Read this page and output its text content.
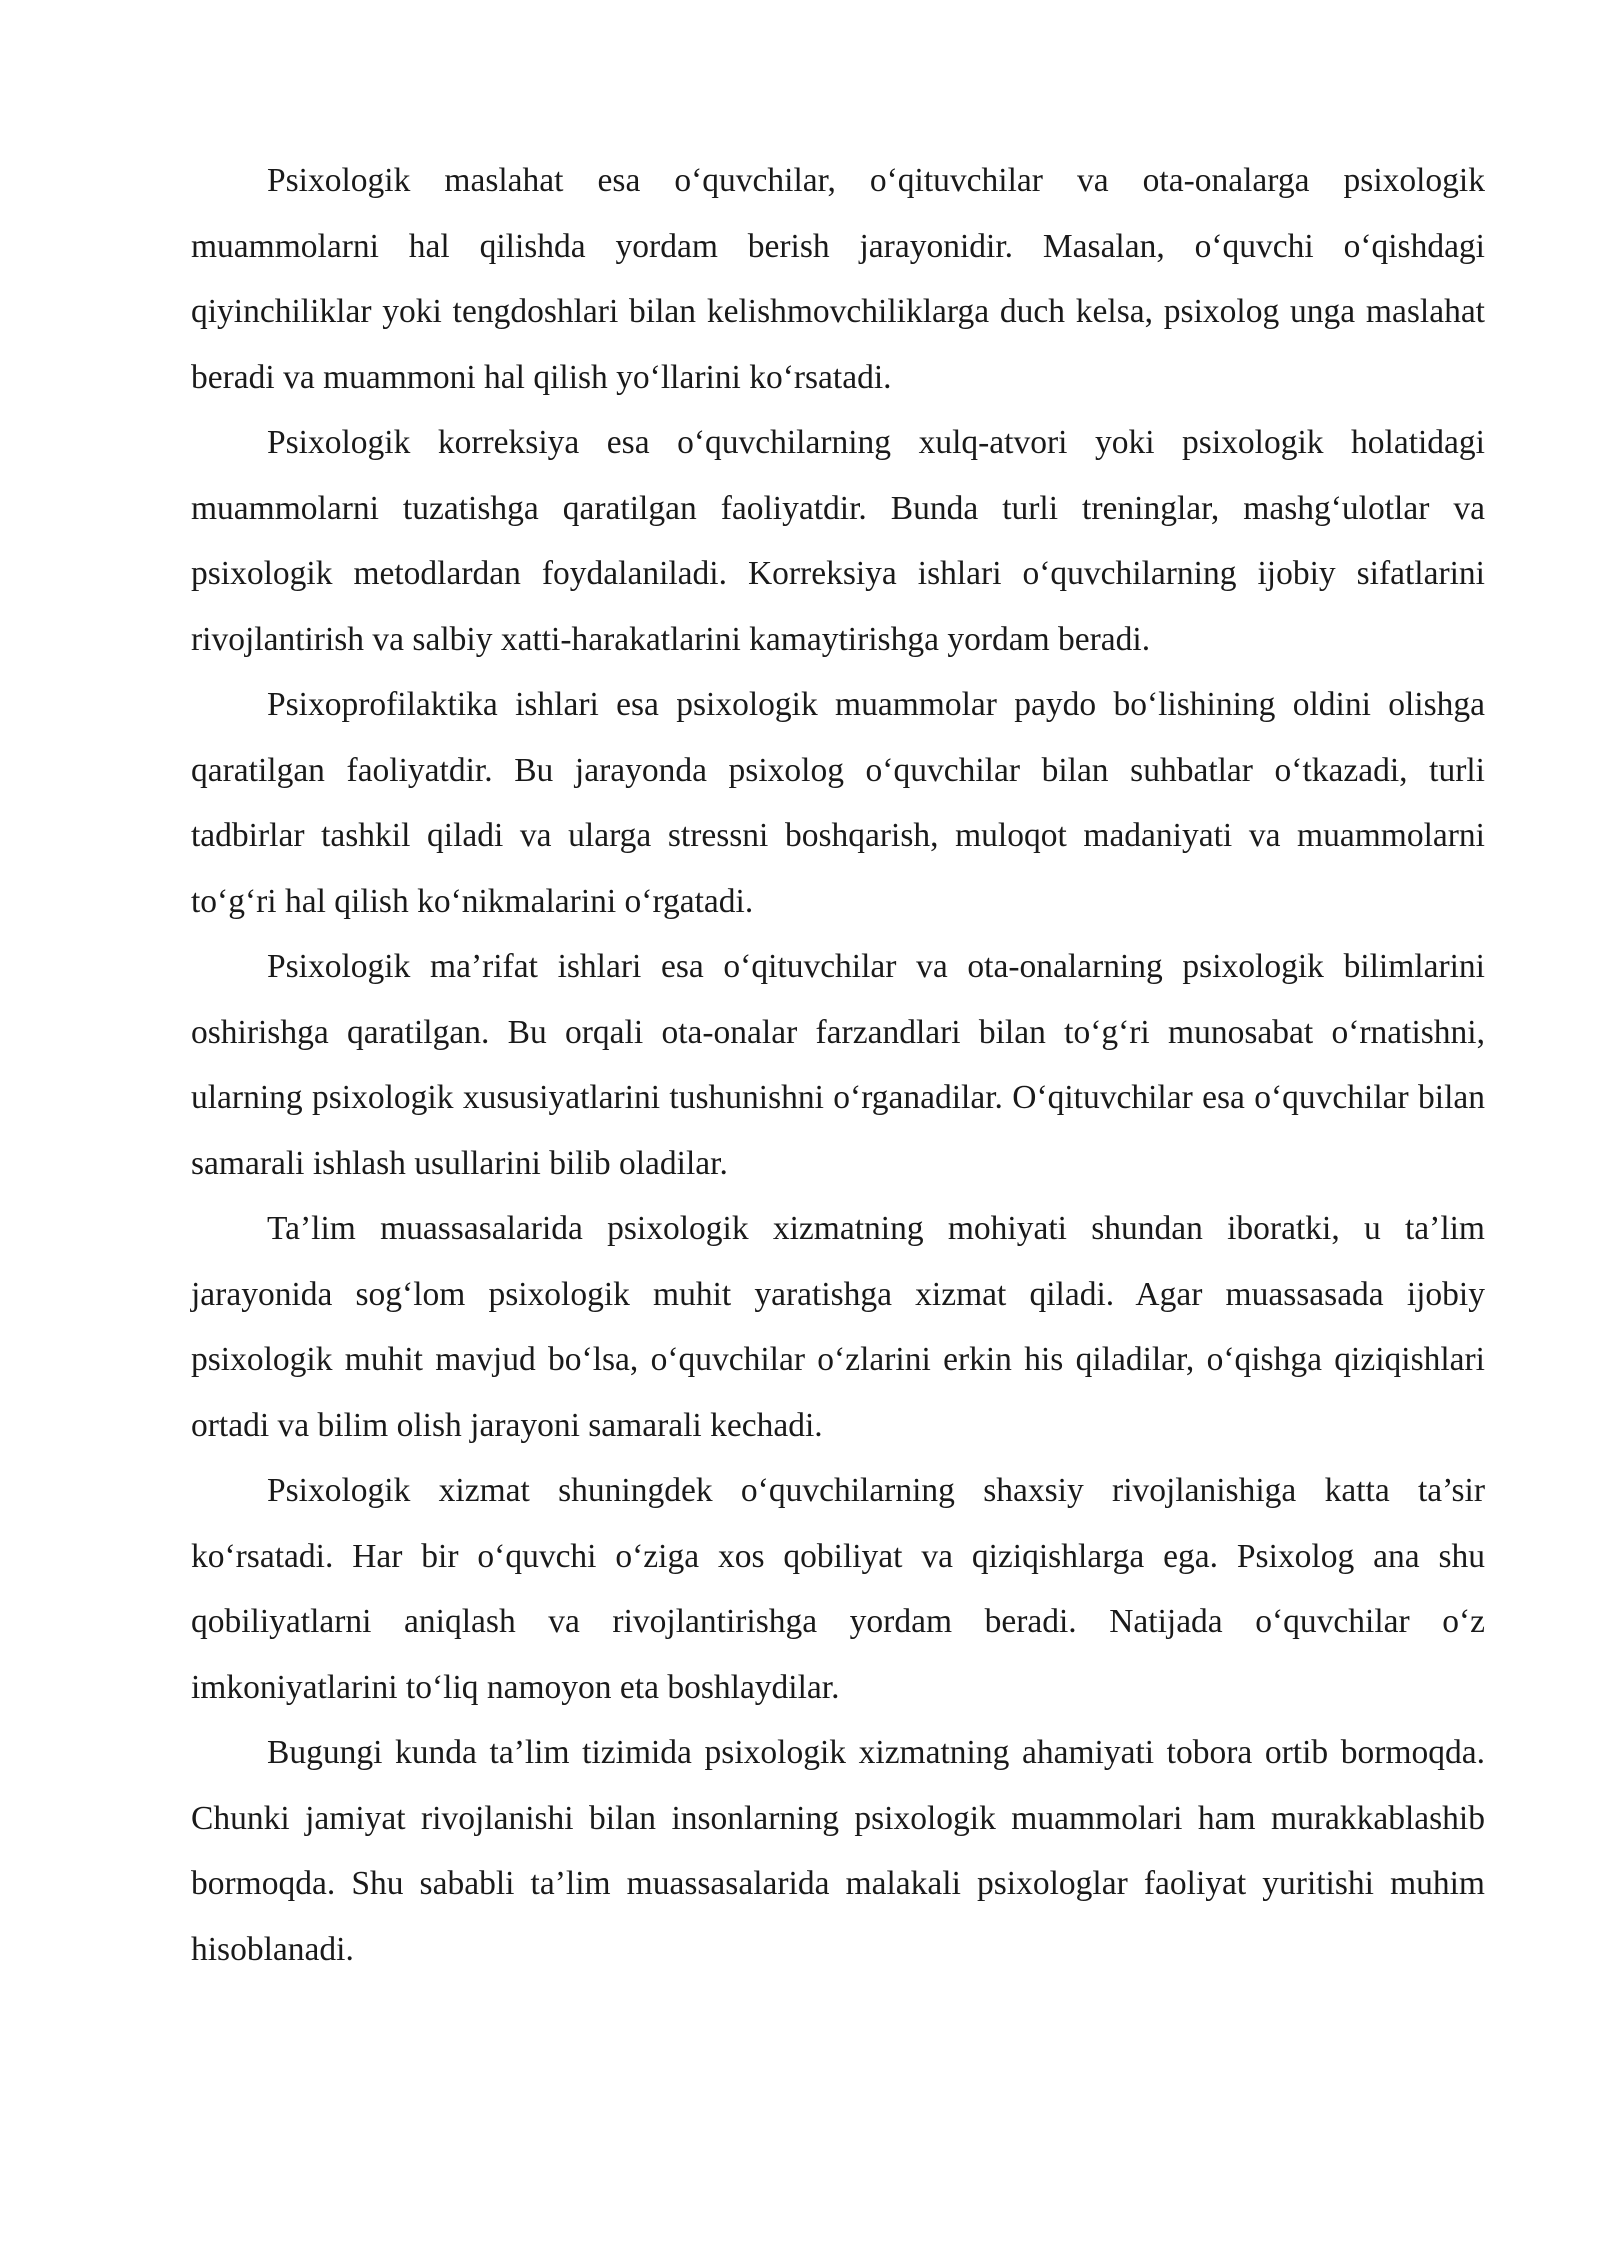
Psixologik maslahat esa o‘quvchilar, o‘qituvchilar va ota-onalarga psixologik muammolarni hal qilishda yordam berish jarayonidir. Masalan, o‘quvchi o‘qishdagi qiyinchiliklar yoki tengdoshlari bilan kelishmovchiliklarga duch kelsa, psixolog unga maslahat beradi va muammoni hal qilish yo‘llarini ko‘rsatadi.

Psixologik korreksiya esa o‘quvchilarning xulq-atvori yoki psixologik holatidagi muammolarni tuzatishga qaratilgan faoliyatdir. Bunda turli treninglar, mashg‘ulotlar va psixologik metodlardan foydalaniladi. Korreksiya ishlari o‘quvchilarning ijobiy sifatlarini rivojlantirish va salbiy xatti-harakatlarini kamaytirishga yordam beradi.

Psixoprofilaktika ishlari esa psixologik muammolar paydo bo‘lishining oldini olishga qaratilgan faoliyatdir. Bu jarayonda psixolog o‘quvchilar bilan suhbatlar o‘tkazadi, turli tadbirlar tashkil qiladi va ularga stressni boshqarish, muloqot madaniyati va muammolarni to‘g‘ri hal qilish ko‘nikmalarini o‘rgatadi.

Psixologik ma’rifat ishlari esa o‘qituvchilar va ota-onalarning psixologik bilimlarini oshirishga qaratilgan. Bu orqali ota-onalar farzandlari bilan to‘g‘ri munosabat o‘rnatishni, ularning psixologik xususiyatlarini tushunishni o‘rganadilar. O‘qituvchilar esa o‘quvchilar bilan samarali ishlash usullarini bilib oladilar.

Ta’lim muassasalarida psixologik xizmatning mohiyati shundan iboratki, u ta’lim jarayonida sog‘lom psixologik muhit yaratishga xizmat qiladi. Agar muassasada ijobiy psixologik muhit mavjud bo‘lsa, o‘quvchilar o‘zlarini erkin his qiladilar, o‘qishga qiziqishlari ortadi va bilim olish jarayoni samarali kechadi.

Psixologik xizmat shuningdek o‘quvchilarning shaxsiy rivojlanishiga katta ta’sir ko‘rsatadi. Har bir o‘quvchi o‘ziga xos qobiliyat va qiziqishlarga ega. Psixolog ana shu qobiliyatlarni aniqlash va rivojlantirishga yordam beradi. Natijada o‘quvchilar o‘z imkoniyatlarini to‘liq namoyon eta boshlaydilar.

Bugungi kunda ta’lim tizimida psixologik xizmatning ahamiyati tobora ortib bormoqda. Chunki jamiyat rivojlanishi bilan insonlarning psixologik muammolari ham murakkablashib bormoqda. Shu sababli ta’lim muassasalarida malakali psixologlar faoliyat yuritishi muhim hisoblanadi.
